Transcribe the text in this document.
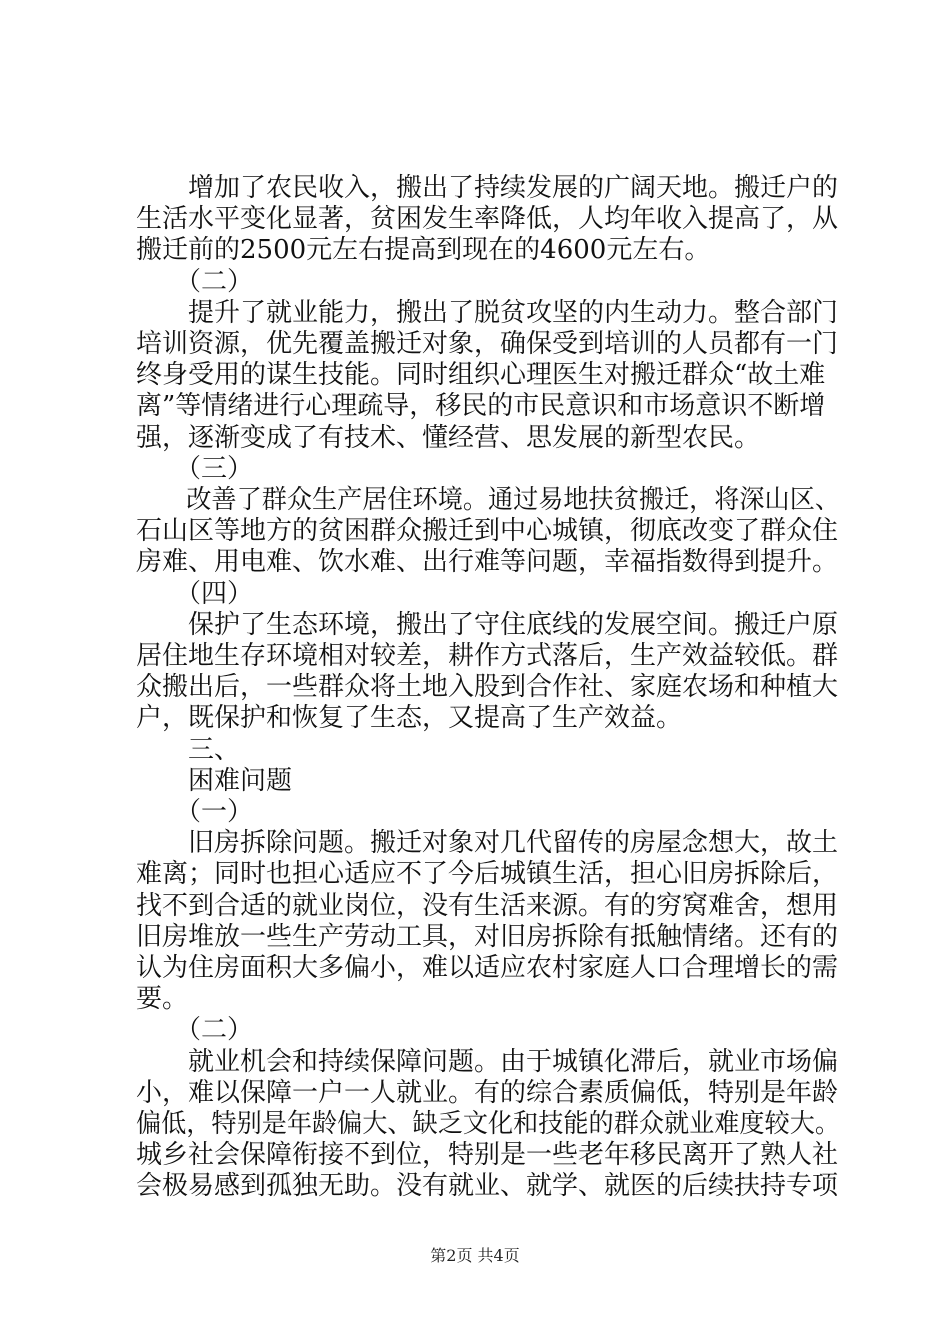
　　增加了农民收入，搬出了持续发展的广阔天地。搬迁户的
生活水平变化显著，贫困发生率降低，人均年收入提高了，从
搬迁前的2500元左右提高到现在的4600元左右。
　　（二）
　　提升了就业能力，搬出了脱贫攻坚的内生动力。整合部门
培训资源，优先覆盖搬迁对象，确保受到培训的人员都有一门
终身受用的谋生技能。同时组织心理医生对搬迁群众“故土难
离”等情绪进行心理疏导，移民的市民意识和市场意识不断增
强，逐渐变成了有技术、懂经营、思发展的新型农民。
　　（三）
　　改善了群众生产居住环境。通过易地扶贫搬迁，将深山区、
石山区等地方的贫困群众搬迁到中心城镇，彻底改变了群众住
房难、用电难、饮水难、出行难等问题，幸福指数得到提升。
　　（四）
　　保护了生态环境，搬出了守住底线的发展空间。搬迁户原
居住地生存环境相对较差，耕作方式落后，生产效益较低。群
众搬出后，一些群众将土地入股到合作社、家庭农场和种植大
户，既保护和恢复了生态，又提高了生产效益。
　　三、
　　困难问题
　　（一）
　　旧房拆除问题。搬迁对象对几代留传的房屋念想大，故土
难离；同时也担心适应不了今后城镇生活，担心旧房拆除后，
找不到合适的就业岗位，没有生活来源。有的穷窝难舍，想用
旧房堆放一些生产劳动工具，对旧房拆除有抵触情绪。还有的
认为住房面积大多偏小，难以适应农村家庭人口合理增长的需
要。
　　（二）
　　就业机会和持续保障问题。由于城镇化滞后，就业市场偏
小，难以保障一户一人就业。有的综合素质偏低，特别是年龄
偏低，特别是年龄偏大、缺乏文化和技能的群众就业难度较大。
城乡社会保障衔接不到位，特别是一些老年移民离开了熟人社
会极易感到孤独无助。没有就业、就学、就医的后续扶持专项
第2页 共4页
